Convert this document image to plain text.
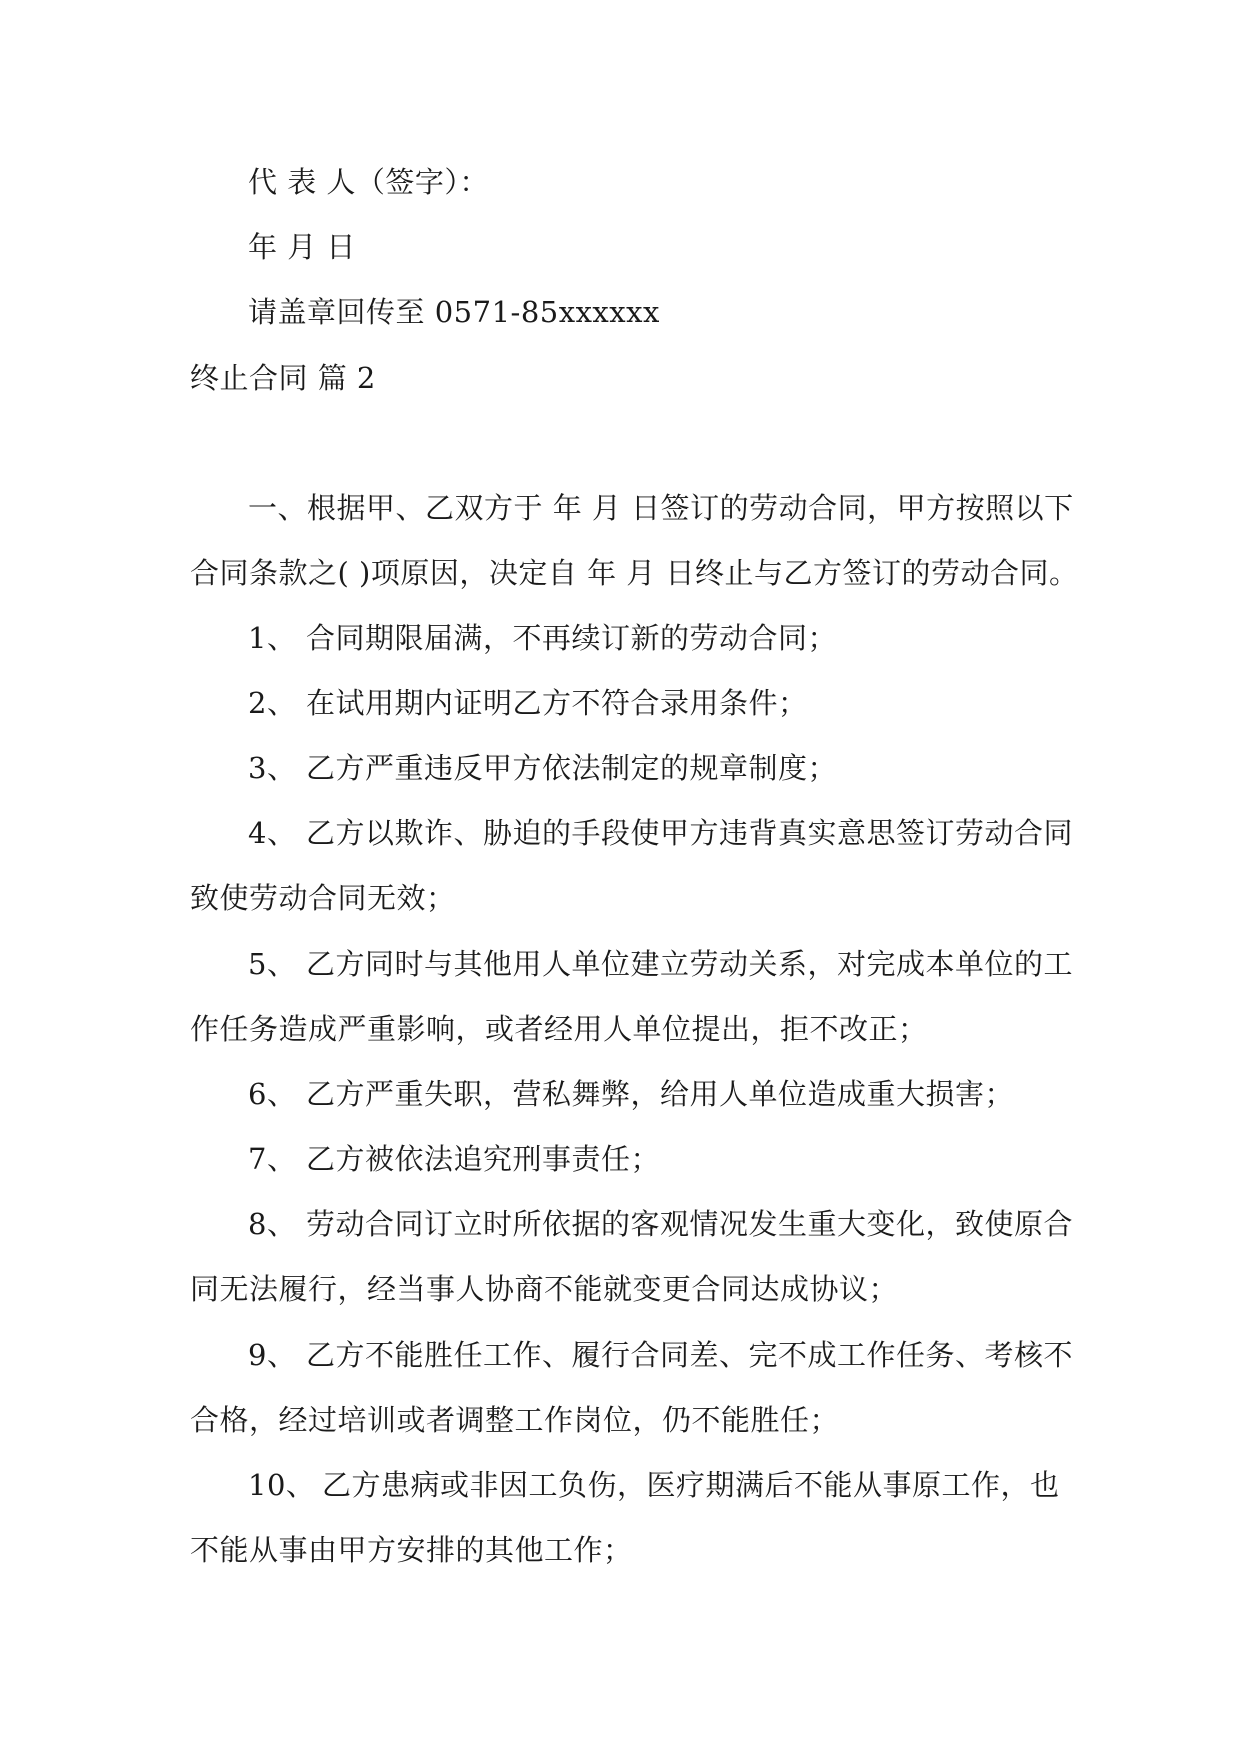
代 表 人（签字）：
年 月 日
请盖章回传至 0571-85xxxxxx
终止合同 篇 2
一、根据甲、乙双方于 年 月 日签订的劳动合同，甲方按照以下
合同条款之( )项原因，决定自 年 月 日终止与乙方签订的劳动合同。
1、 合同期限届满，不再续订新的劳动合同；
2、 在试用期内证明乙方不符合录用条件；
3、 乙方严重违反甲方依法制定的规章制度；
4、 乙方以欺诈、胁迫的手段使甲方违背真实意思签订劳动合同
致使劳动合同无效；
5、 乙方同时与其他用人单位建立劳动关系，对完成本单位的工
作任务造成严重影响，或者经用人单位提出，拒不改正；
6、 乙方严重失职，营私舞弊，给用人单位造成重大损害；
7、 乙方被依法追究刑事责任；
8、 劳动合同订立时所依据的客观情况发生重大变化，致使原合
同无法履行，经当事人协商不能就变更合同达成协议；
9、 乙方不能胜任工作、履行合同差、完不成工作任务、考核不
合格，经过培训或者调整工作岗位，仍不能胜任；
10、 乙方患病或非因工负伤，医疗期满后不能从事原工作，也
不能从事由甲方安排的其他工作；
